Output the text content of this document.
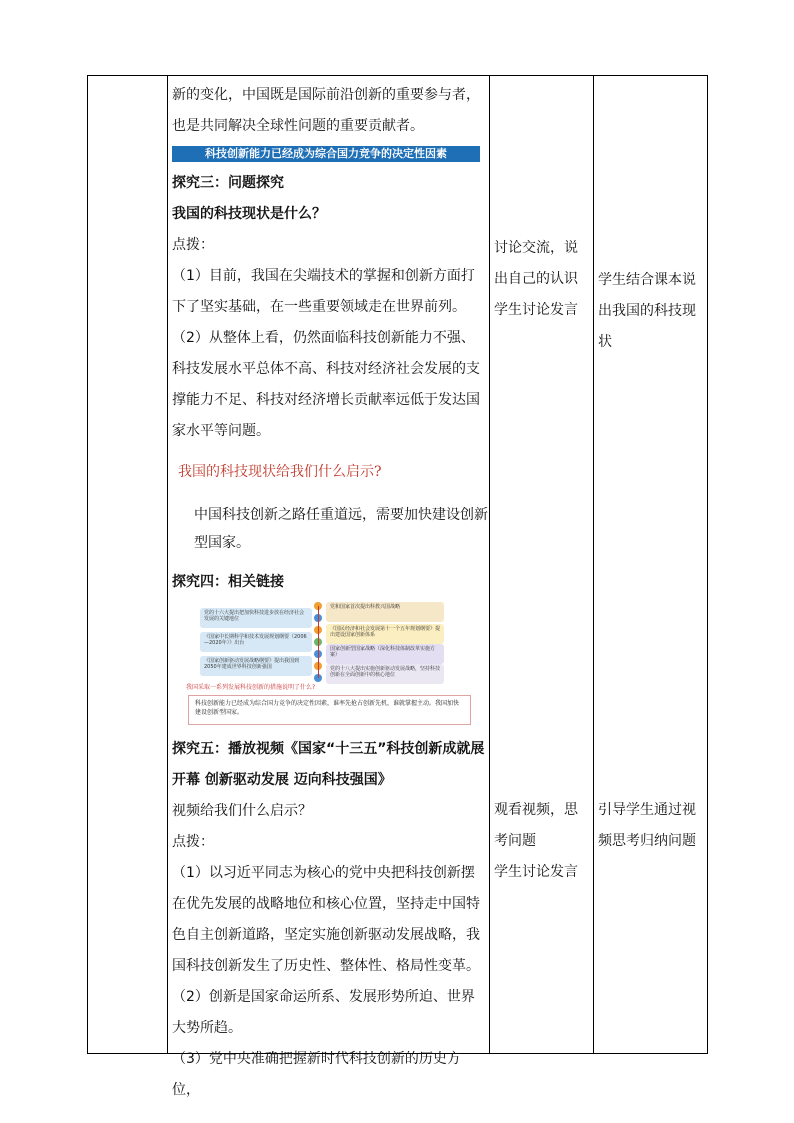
新的变化，中国既是国际前沿创新的重要参与者，

也是共同解决全球性问题的重要贡献者。

科技创新能力已经成为综合国力竞争的决定性因素

探究三：问题探究

我国的科技现状是什么？

点拨：

（1）目前，我国在尖端技术的掌握和创新方面打下了坚实基础，在一些重要领域走在世界前列。

（2）从整体上看，仍然面临科技创新能力不强、科技发展水平总体不高、科技对经济社会发展的支撑能力不足、科技对经济增长贡献率远低于发达国家水平等问题。

我国的科技现状给我们什么启示?

中国科技创新之路任重道远，需要加快建设创新型国家。

探究四：相关链接

党的十六大提出把加快科技进步放在经济社会发展的关键地位
《国家中长期科学和技术发展规划纲要（2006—2020年）》出台
《国家创新驱动发展战略纲要》提出我国到2050年建成世界科技创新强国
党和国家首次提出科教兴国战略
《国民经济和社会发展第十一个五年规划纲要》提出建设国家创新体系
国家创新型国家战略（深化科技体制改革实施方案）
党的十八大提出实施创新驱动发展战略，坚持科技创新在全面创新中的核心地位
我国采取一系列发展科技创新的措施说明了什么?
科技创新能力已经成为综合国力竞争的决定性因素，谁率先抢占创新先机，谁就掌握主动。我国加快建设创新型国家。

探究五：播放视频《国家“十三五”科技创新成就展开幕 创新驱动发展 迈向科技强国》

视频给我们什么启示？

点拨：

（1）以习近平同志为核心的党中央把科技创新摆在优先发展的战略地位和核心位置，坚持走中国特色自主创新道路，坚定实施创新驱动发展战略，我国科技创新发生了历史性、整体性、格局性变革。

（2）创新是国家命运所系、发展形势所迫、世界大势所趋。

（3）党中央准确把握新时代科技创新的历史方位，

讨论交流，说
出自己的认识
学生讨论发言
学生结合课本说
出我国的科技现
状
观看视频，思
考问题
学生讨论发言
引导学生通过视
频思考归纳问题
